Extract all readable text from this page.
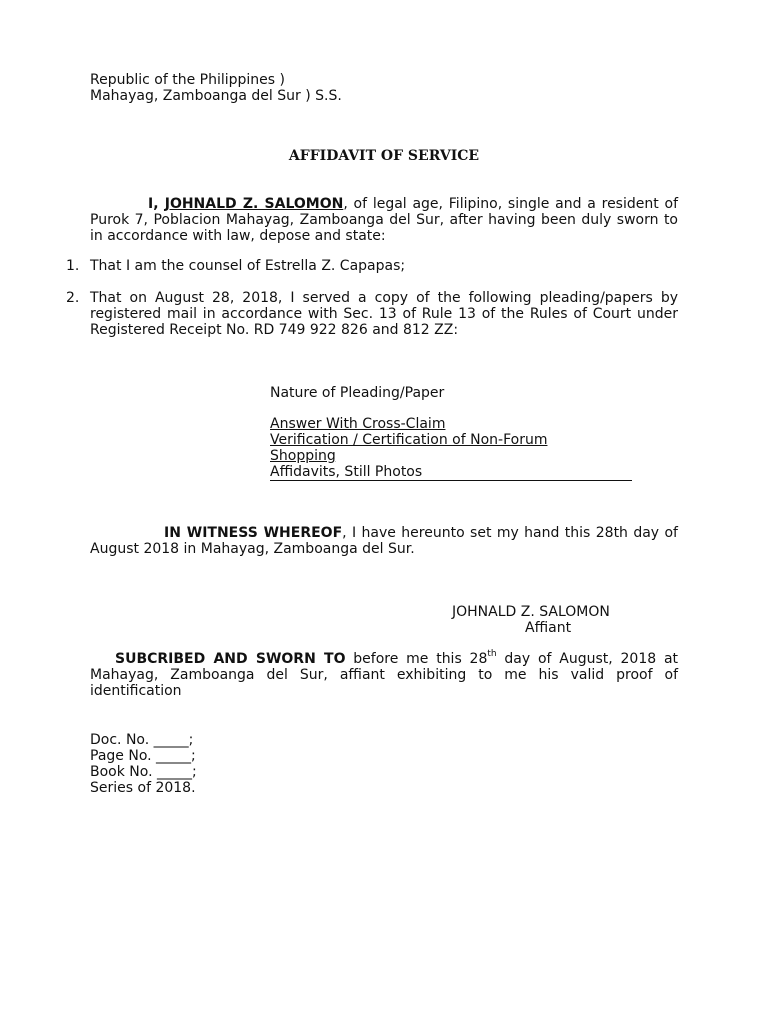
Republic of the Philippines )
Mahayag, Zamboanga del Sur ) S.S.
AFFIDAVIT OF SERVICE
I, JOHNALD Z. SALOMON, of legal age, Filipino, single and a resident of Purok 7, Poblacion Mahayag, Zamboanga del Sur, after having been duly sworn to in accordance with law, depose and state:
1. That I am the counsel of Estrella Z. Capapas;
2. That on August 28, 2018, I served a copy of the following pleading/papers by registered mail in accordance with Sec. 13 of Rule 13 of the Rules of Court under Registered Receipt No. RD 749 922 826 and 812 ZZ:
Nature of Pleading/Paper
Answer With Cross-Claim
Verification / Certification of Non-Forum
Shopping
Affidavits, Still Photos
IN WITNESS WHEREOF, I have hereunto set my hand this 28th day of August 2018 in Mahayag, Zamboanga del Sur.
JOHNALD Z. SALOMON
Affiant
SUBCRIBED AND SWORN TO before me this 28th day of August, 2018 at Mahayag, Zamboanga del Sur, affiant exhibiting to me his valid proof of identification
Doc. No. _____;
Page No. _____;
Book No. _____;
Series of 2018.
